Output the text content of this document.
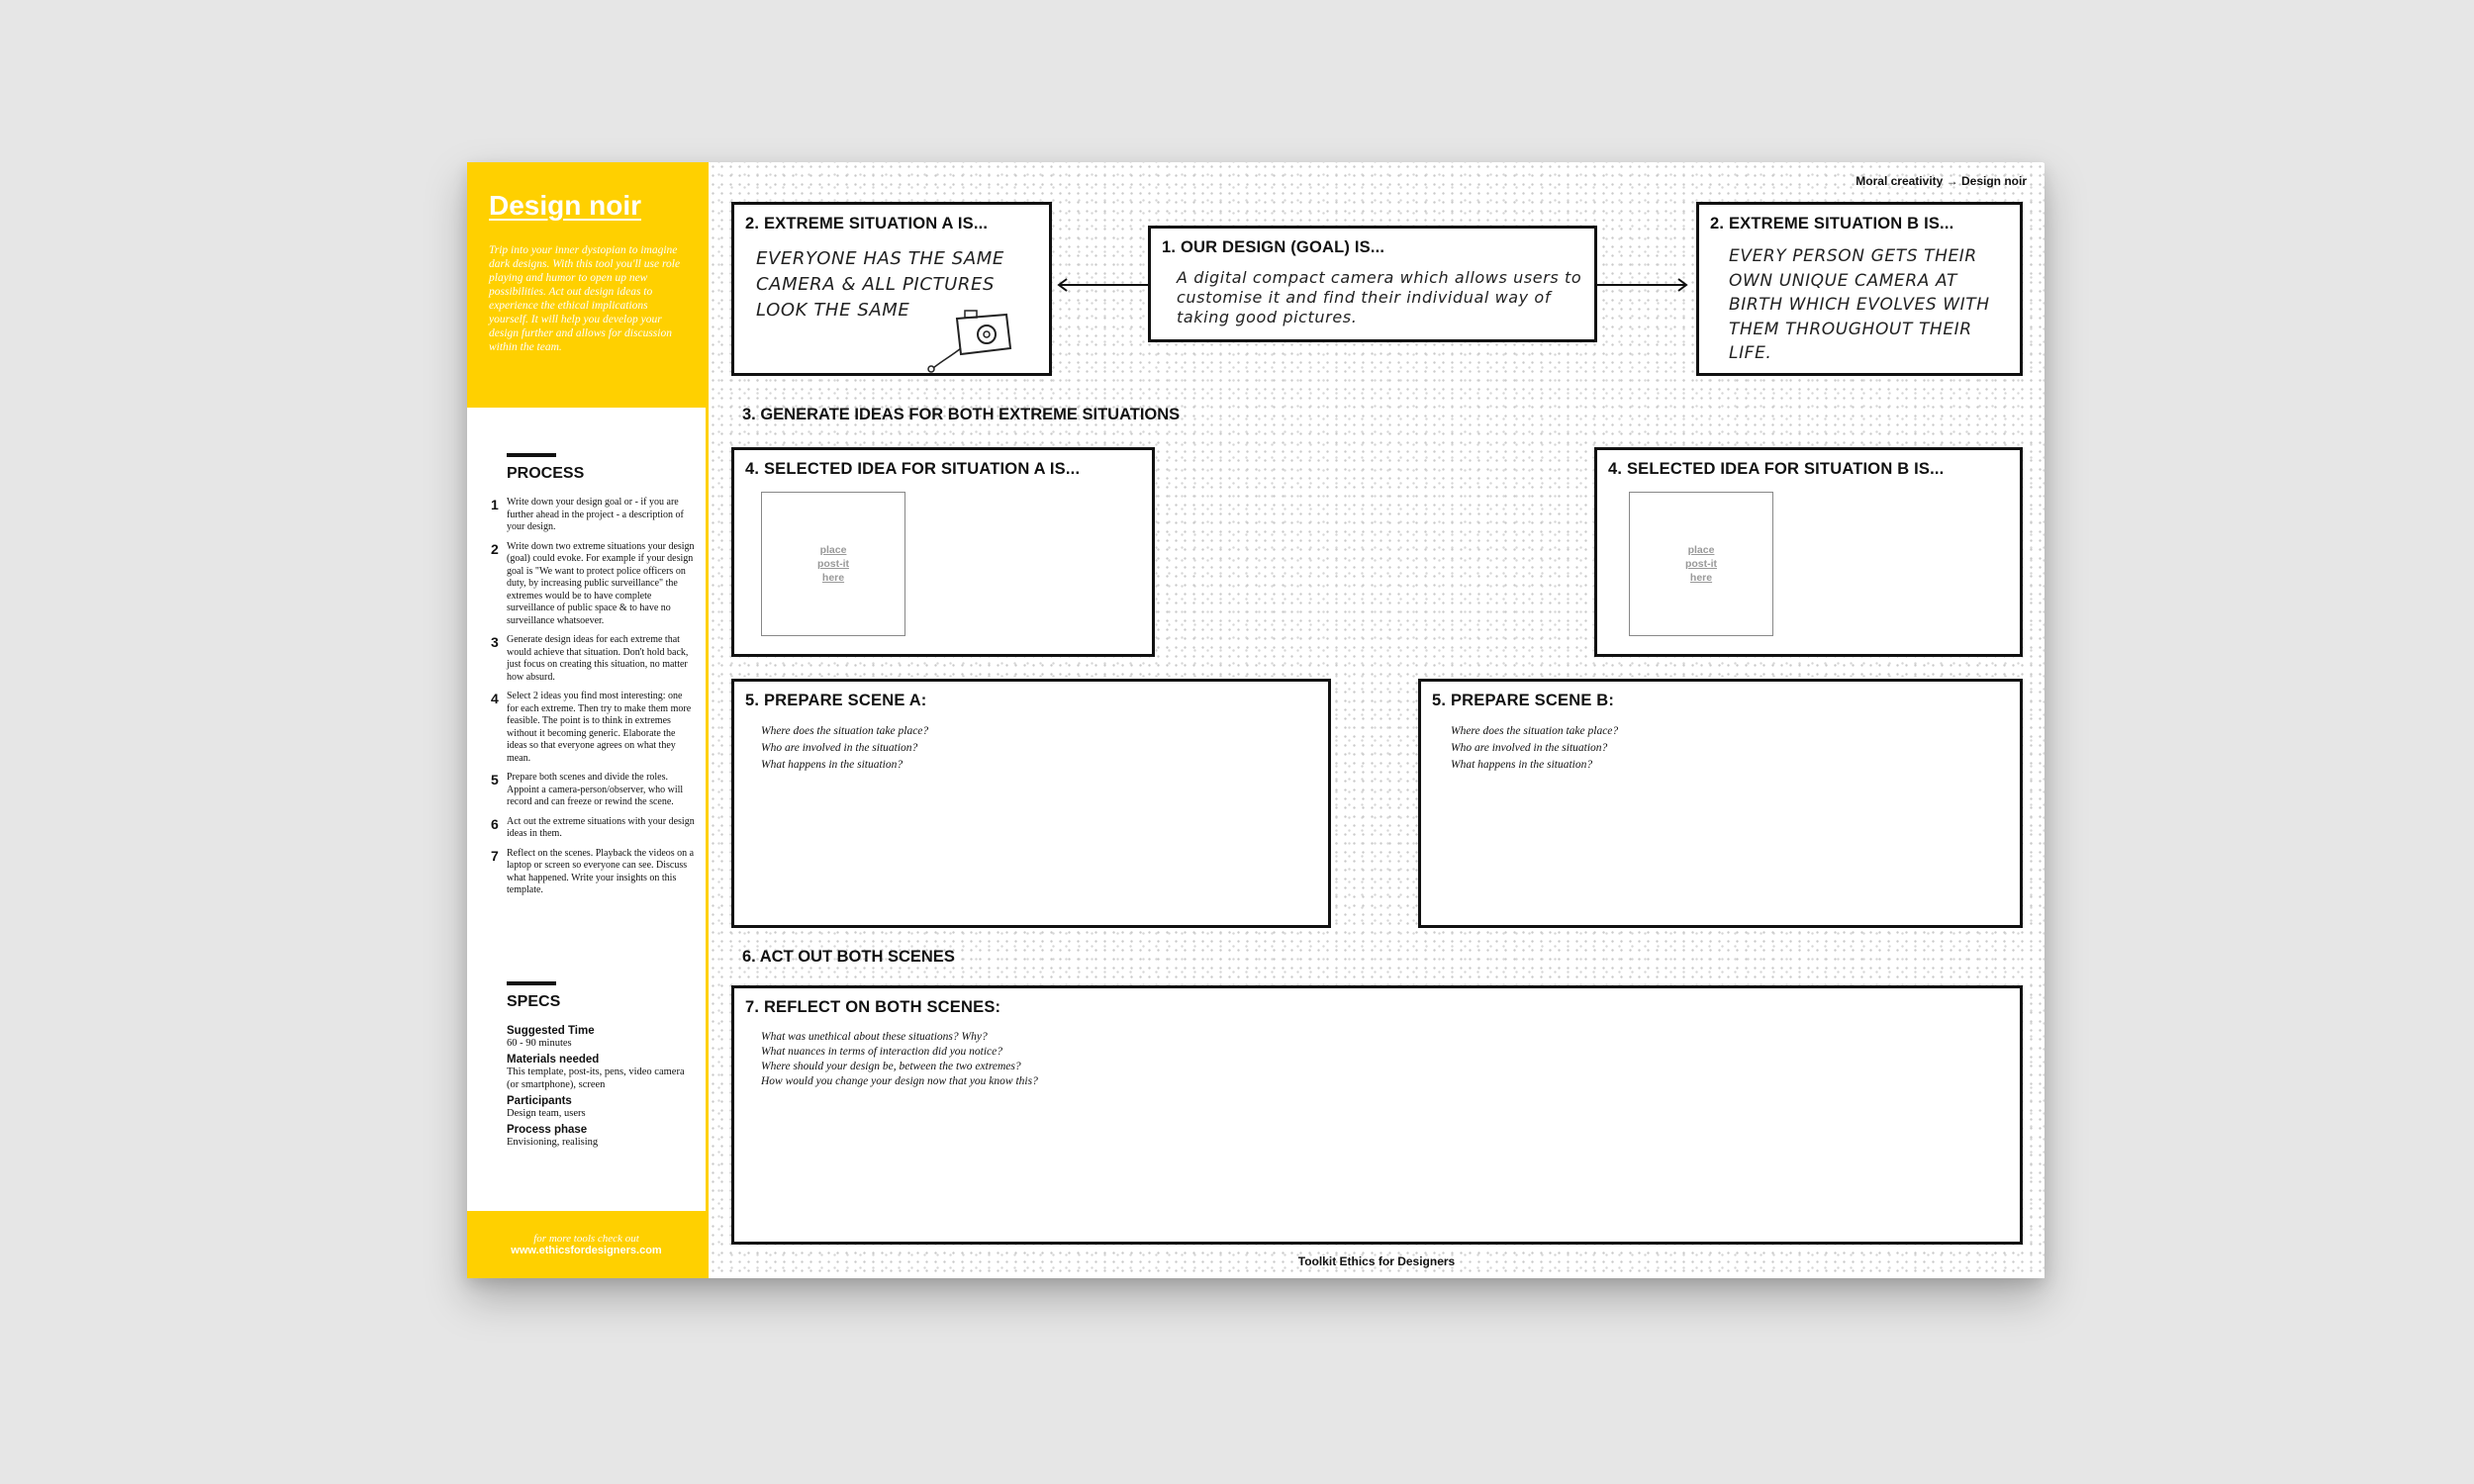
Design noir
Trip into your inner dystopian to imagine dark designs. With this tool you'll use role playing and humor to open up new possibilities. Act out design ideas to experience the ethical implications yourself. It will help you develop your design further and allows for discussion within the team.
PROCESS
1 Write down your design goal or - if you are further ahead in the project - a description of your design.
2 Write down two extreme situations your design (goal) could evoke. For example if your design goal is "We want to protect police officers on duty, by increasing public surveillance" the extremes would be to have complete surveillance of public space & to have no surveillance whatsoever.
3 Generate design ideas for each extreme that would achieve that situation. Don't hold back, just focus on creating this situation, no matter how absurd.
4 Select 2 ideas you find most interesting: one for each extreme. Then try to make them more feasible. The point is to think in extremes without it becoming generic. Elaborate the ideas so that everyone agrees on what they mean.
5 Prepare both scenes and divide the roles. Appoint a camera-person/observer, who will record and can freeze or rewind the scene.
6 Act out the extreme situations with your design ideas in them.
7 Reflect on the scenes. Playback the videos on a laptop or screen so everyone can see. Discuss what happened. Write your insights on this template.
SPECS
Suggested Time
60 - 90 minutes
Materials needed
This template, post-its, pens, video camera (or smartphone), screen
Participants
Design team, users
Process phase
Envisioning, realising
for more tools check out
www.ethicsfordesigners.com
Moral creativity → Design noir
2. EXTREME SITUATION A IS...
EVERYONE HAS THE SAME CAMERA & ALL PICTURES LOOK THE SAME
1. OUR DESIGN (GOAL) IS...
A digital compact camera which allows users to customise it and find their individual way of taking good pictures.
2. EXTREME SITUATION B IS...
EVERY PERSON GETS THEIR OWN UNIQUE CAMERA AT BIRTH WHICH EVOLVES WITH THEM THROUGHOUT THEIR LIFE.
3. GENERATE IDEAS FOR BOTH EXTREME SITUATIONS
4. SELECTED IDEA FOR SITUATION A IS...
place post-it here
4. SELECTED IDEA FOR SITUATION B IS...
place post-it here
5. PREPARE SCENE A:
Where does the situation take place?
Who are involved in the situation?
What happens in the situation?
5. PREPARE SCENE B:
Where does the situation take place?
Who are involved in the situation?
What happens in the situation?
6. ACT OUT BOTH SCENES
7. REFLECT ON BOTH SCENES:
What was unethical about these situations? Why?
What nuances in terms of interaction did you notice?
Where should your design be, between the two extremes?
How would you change your design now that you know this?
Toolkit Ethics for Designers
